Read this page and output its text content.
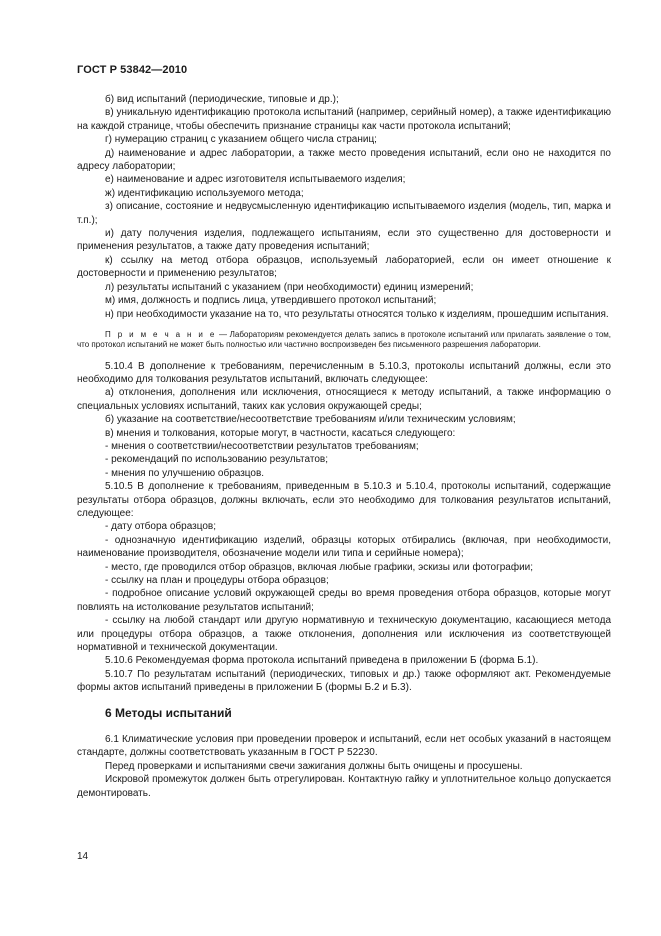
ГОСТ Р 53842—2010

б) вид испытаний (периодические, типовые и др.);

в) уникальную идентификацию протокола испытаний (например, серийный номер), а также идентификацию на каждой странице, чтобы обеспечить признание страницы как части протокола испытаний;

г) нумерацию страниц с указанием общего числа страниц;

д) наименование и адрес лаборатории, а также место проведения испытаний, если оно не находится по адресу лаборатории;

е) наименование и адрес изготовителя испытываемого изделия;

ж) идентификацию используемого метода;

з) описание, состояние и недвусмысленную идентификацию испытываемого изделия (модель, тип, марка и т.п.);

и) дату получения изделия, подлежащего испытаниям, если это существенно для достоверности и применения результатов, а также дату проведения испытаний;

к) ссылку на метод отбора образцов, используемый лабораторией, если он имеет отношение к достоверности и применению результатов;

л) результаты испытаний с указанием (при необходимости) единиц измерений;

м) имя, должность и подпись лица, утвердившего протокол испытаний;

н) при необходимости указание на то, что результаты относятся только к изделиям, прошедшим испытания.

П р и м е ч а н и е — Лабораториям рекомендуется делать запись в протоколе испытаний или прилагать заявление о том, что протокол испытаний не может быть полностью или частично воспроизведен без письменного разрешения лаборатории.

5.10.4 В дополнение к требованиям, перечисленным в 5.10.3, протоколы испытаний должны, если это необходимо для толкования результатов испытаний, включать следующее:

а) отклонения, дополнения или исключения, относящиеся к методу испытаний, а также информацию о специальных условиях испытаний, таких как условия окружающей среды;

б) указание на соответствие/несоответствие требованиям и/или техническим условиям;

в) мнения и толкования, которые могут, в частности, касаться следующего:

- мнения о соответствии/несоответствии результатов требованиям;

- рекомендаций по использованию результатов;

- мнения по улучшению образцов.

5.10.5 В дополнение к требованиям, приведенным в 5.10.3 и 5.10.4, протоколы испытаний, содержащие результаты отбора образцов, должны включать, если это необходимо для толкования результатов испытаний, следующее:

- дату отбора образцов;

- однозначную идентификацию изделий, образцы которых отбирались (включая, при необходимости, наименование производителя, обозначение модели или типа и серийные номера);

- место, где проводился отбор образцов, включая любые графики, эскизы или фотографии;

- ссылку на план и процедуры отбора образцов;

- подробное описание условий окружающей среды во время проведения отбора образцов, которые могут повлиять на истолкование результатов испытаний;

- ссылку на любой стандарт или другую нормативную и техническую документацию, касающиеся метода или процедуры отбора образцов, а также отклонения, дополнения или исключения из соответствующей нормативной и технической документации.

5.10.6 Рекомендуемая форма протокола испытаний приведена в приложении Б (форма Б.1).

5.10.7 По результатам испытаний (периодических, типовых и др.) также оформляют акт. Рекомендуемые формы актов испытаний приведены в приложении Б (формы Б.2 и Б.3).

6 Методы испытаний

6.1 Климатические условия при проведении проверок и испытаний, если нет особых указаний в настоящем стандарте, должны соответствовать указанным в ГОСТ Р 52230.

Перед проверками и испытаниями свечи зажигания должны быть очищены и просушены.

Искровой промежуток должен быть отрегулирован. Контактную гайку и уплотнительное кольцо допускается демонтировать.

14
